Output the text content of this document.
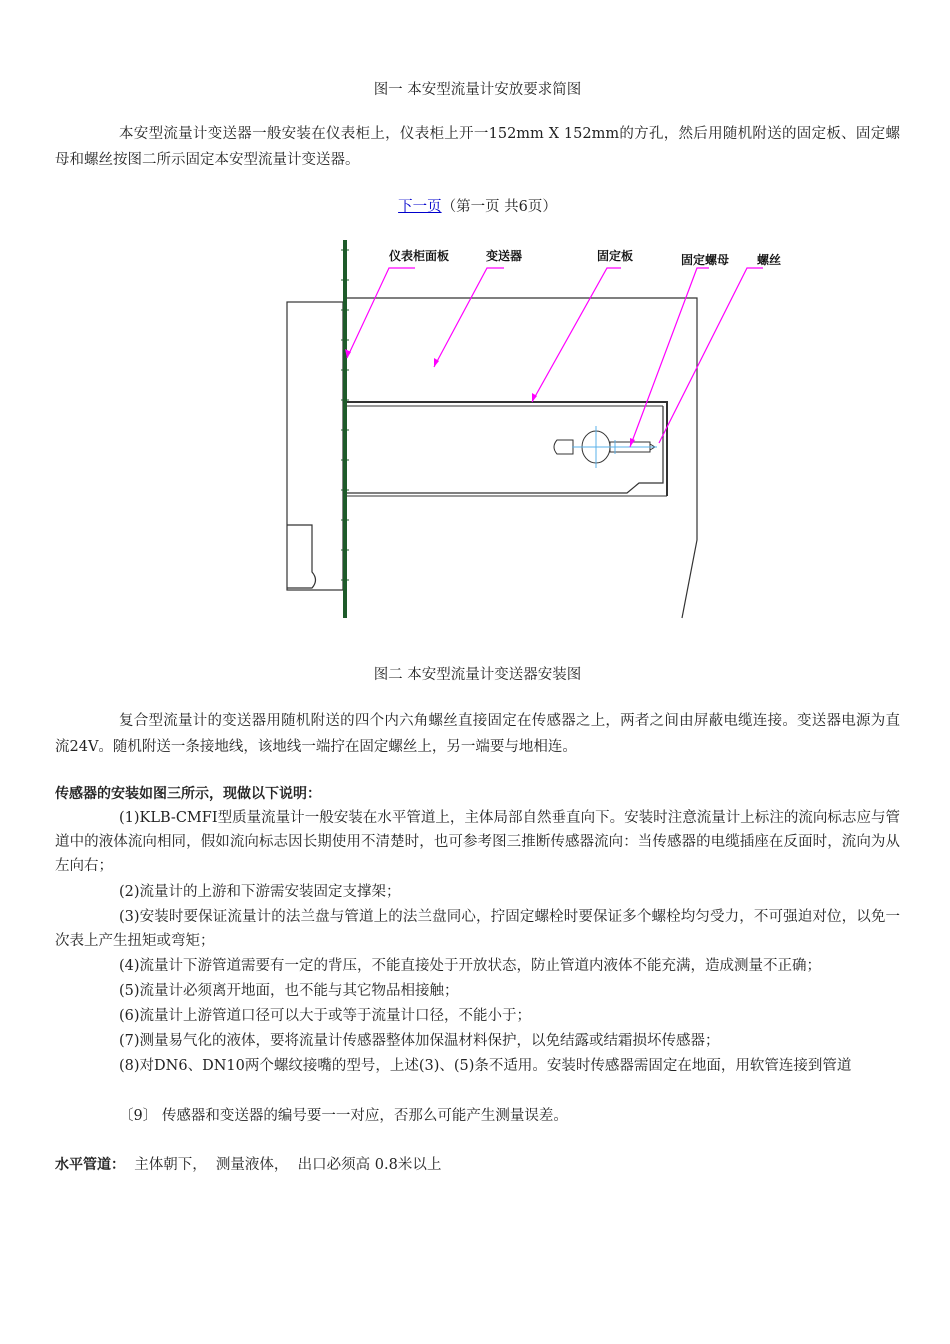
图一 本安型流量计安放要求简图
本安型流量计变送器一般安装在仪表柜上，仪表柜上开一152mm X 152mm的方孔，然后用随机附送的固定板、固定螺母和螺丝按图二所示固定本安型流量计变送器。
下一页（第一页 共6页）
仪表柜面板	变送器	固定板	固定螺母 螺丝
图二 本安型流量计变送器安装图
复合型流量计的变送器用随机附送的四个内六角螺丝直接固定在传感器之上，两者之间由屏蔽电缆连接。变送器电源为直流24V。随机附送一条接地线，该地线一端拧在固定螺丝上，另一端要与地相连。
传感器的安装如图三所示，现做以下说明：
(1)KLB-CMFI型质量流量计一般安装在水平管道上，主体局部自然垂直向下。安装时注意流量计上标注的流向标志应与管道中的液体流向相同，假如流向标志因长期使用不清楚时，也可参考图三推断传感器流向：当传感器的电缆插座在反面时，流向为从左向右；
(2)流量计的上游和下游需安装固定支撑架；
(3)安装时要保证流量计的法兰盘与管道上的法兰盘同心，拧固定螺栓时要保证多个螺栓均匀受力，不可强迫对位，以免一次表上产生扭矩或弯矩；
(4)流量计下游管道需要有一定的背压，不能直接处于开放状态，防止管道内液体不能充满，造成测量不正确；
(5)流量计必须离开地面，也不能与其它物品相接触；
(6)流量计上游管道口径可以大于或等于流量计口径，不能小于；
(7)测量易气化的液体，要将流量计传感器整体加保温材料保护，以免结露或结霜损坏传感器；
(8)对DN6、DN10两个螺纹接嘴的型号，上述(3)、(5)条不适用。安装时传感器需固定在地面，用软管连接到管道
〔9〕 传感器和变送器的编号要一一对应，否那么可能产生测量误差。
水平管道：  主体朝下，  测量液体，  出口必须高 0.8米以上
